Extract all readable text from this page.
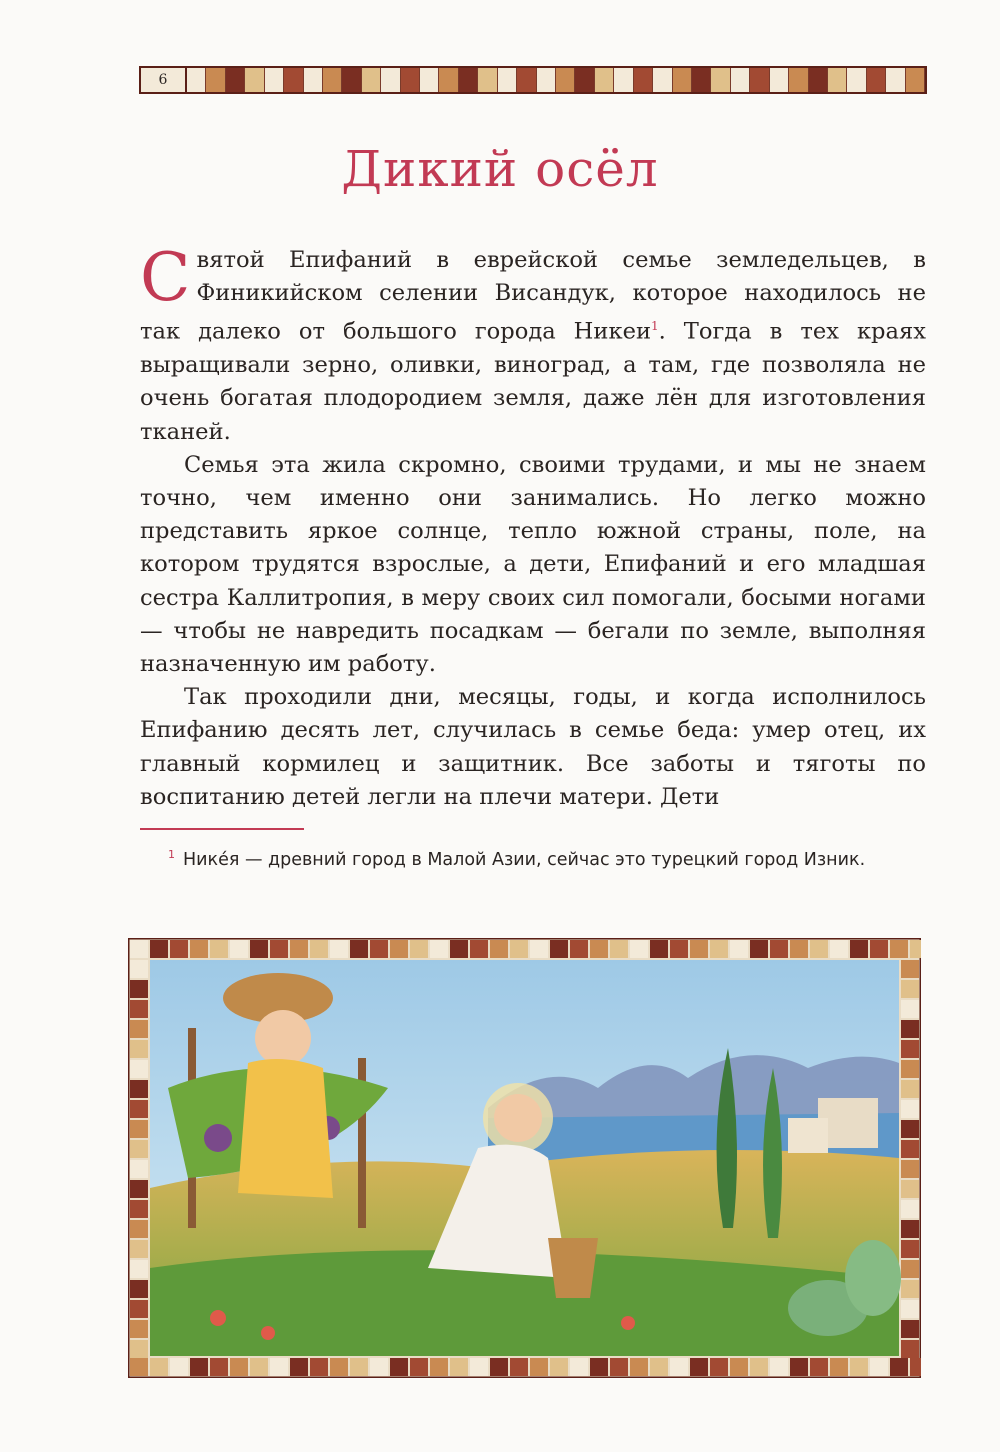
6
Дикий осёл

Святой Епифаний в еврейской семье земледельцев, в Финикийском селении Висандук, которое находилось не так далеко от большого города Никеи$^1$. Тогда в тех краях выращивали зерно, оливки, виноград, а там, где позволяла не очень богатая плодородием земля, даже лён для изготовления тканей.

Семья эта жила скромно, своими трудами, и мы не знаем точно, чем именно они занимались. Но легко можно представить яркое солнце, тепло южной страны, поле, на котором трудятся взрослые, а дети, Епифаний и его младшая сестра Каллитропия, в меру своих сил помогали, босыми ногами — чтобы не навредить посадкам — бегали по земле, выполняя назначенную им работу.

Так проходили дни, месяцы, годы, и когда исполнилось Епифанию десять лет, случилась в семье беда: умер отец, их главный кормилец и защитник. Все заботы и тяготы по воспитанию детей легли на плечи матери. Дети

$^1$ Нике́я — древний город в Малой Азии, сейчас это турецкий город Изник.
